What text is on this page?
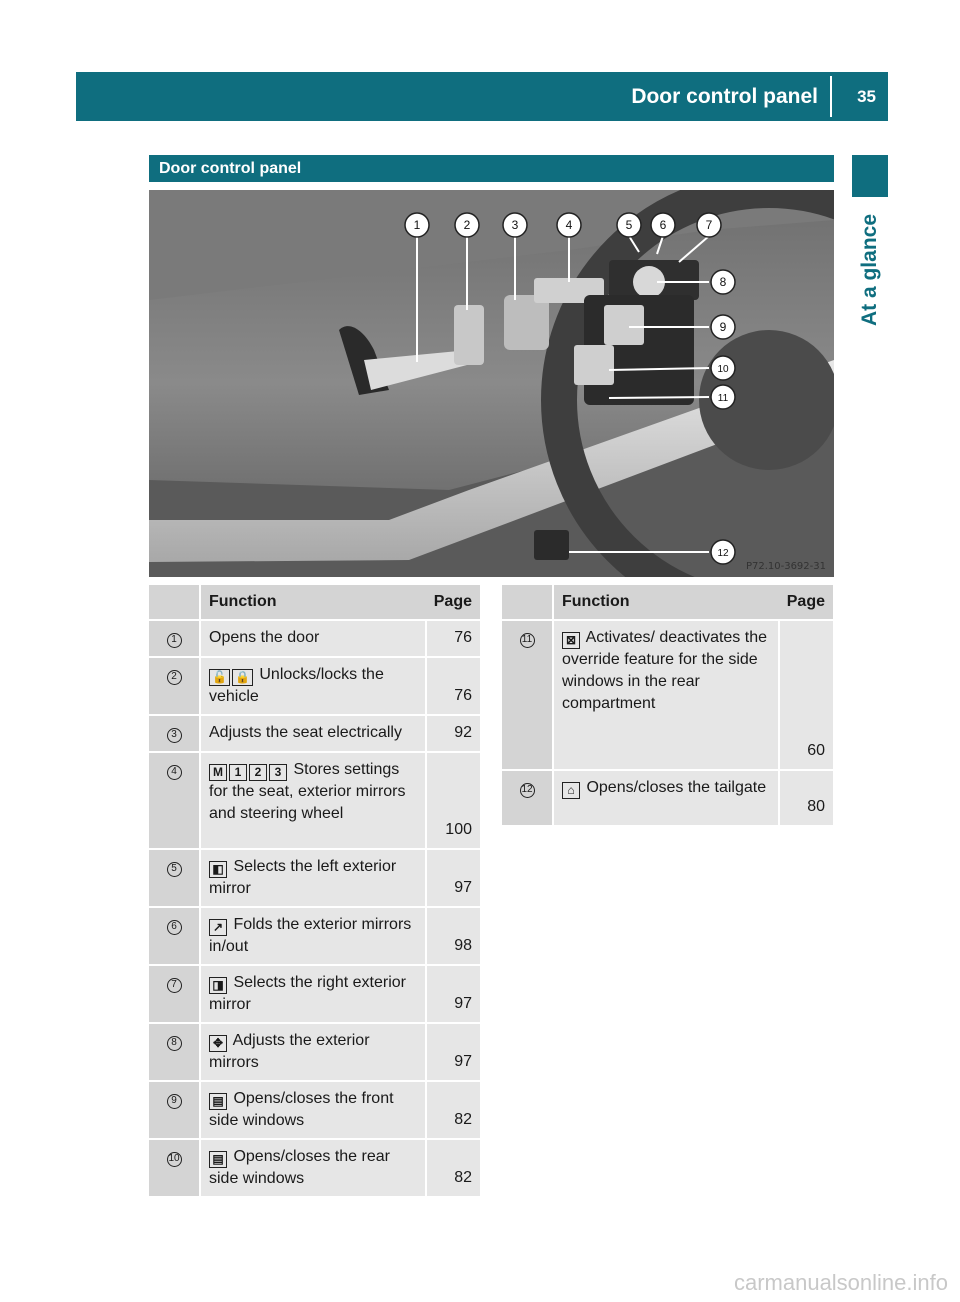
Door control panel 35
At a glance
Door control panel
1	2	3	4	5 6	7
8
9
10
11
12
P72.10-3692-31
	Function	Page
1	Opens the door	76
2	🔓 🔒 Unlocks/locks the vehicle	76
3	Adjusts the seat electrically	92
4	M 1 2 3 Stores settings for the seat, exterior mirrors and steering wheel	100
5	◧ Selects the left exterior mirror	97
6	↗ Folds the exterior mirrors in/out	98
7	◨ Selects the right exterior mirror	97
8	✥ Adjusts the exterior mirrors	97
9	▤ Opens/closes the front side windows	82
10	▤ Opens/closes the rear side windows	82
	Function	Page
11	⊠ Activates/ deactivates the override feature for the side windows in the rear compartment	60
12	⌂ Opens/closes the tailgate	80
carmanualsonline.info
